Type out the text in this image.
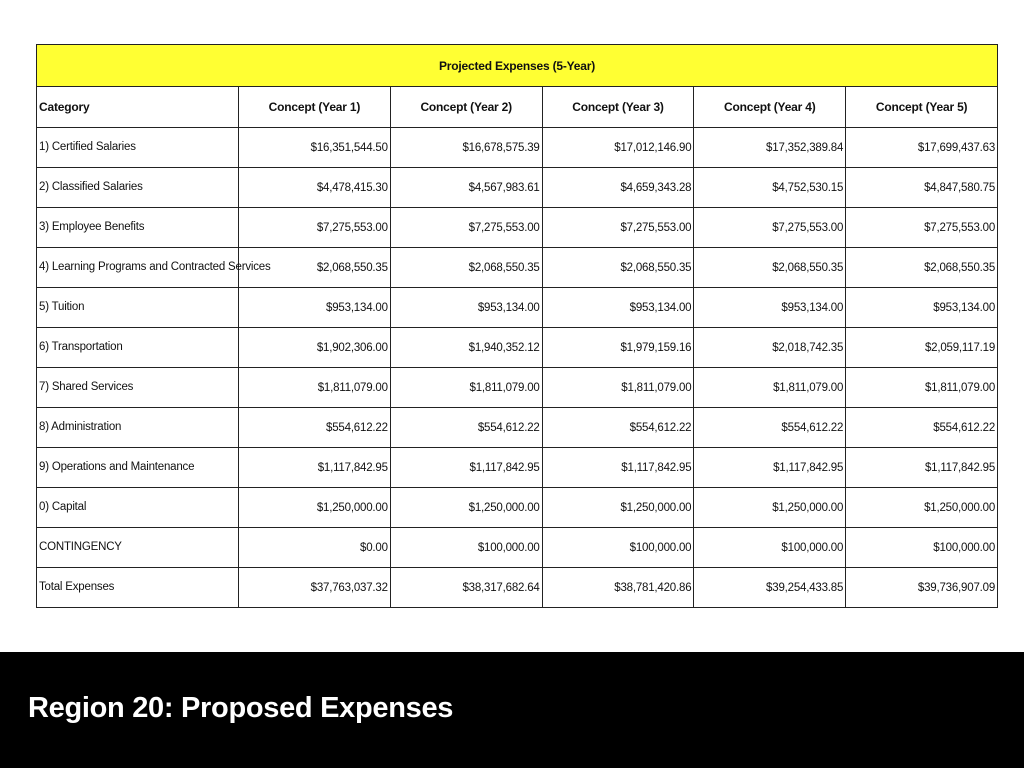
Projected Expenses (5-Year)					
Category	Concept (Year 1)	Concept (Year 2)	Concept (Year 3)	Concept (Year 4)	Concept (Year 5)
1) Certified Salaries	$16,351,544.50	$16,678,575.39	$17,012,146.90	$17,352,389.84	$17,699,437.63
2) Classified Salaries	$4,478,415.30	$4,567,983.61	$4,659,343.28	$4,752,530.15	$4,847,580.75
3) Employee Benefits	$7,275,553.00	$7,275,553.00	$7,275,553.00	$7,275,553.00	$7,275,553.00
4) Learning Programs and Contracted Services	$2,068,550.35	$2,068,550.35	$2,068,550.35	$2,068,550.35	$2,068,550.35
5) Tuition	$953,134.00	$953,134.00	$953,134.00	$953,134.00	$953,134.00
6) Transportation	$1,902,306.00	$1,940,352.12	$1,979,159.16	$2,018,742.35	$2,059,117.19
7) Shared Services	$1,811,079.00	$1,811,079.00	$1,811,079.00	$1,811,079.00	$1,811,079.00
8) Administration	$554,612.22	$554,612.22	$554,612.22	$554,612.22	$554,612.22
9) Operations and Maintenance	$1,117,842.95	$1,117,842.95	$1,117,842.95	$1,117,842.95	$1,117,842.95
0) Capital	$1,250,000.00	$1,250,000.00	$1,250,000.00	$1,250,000.00	$1,250,000.00
CONTINGENCY	$0.00	$100,000.00	$100,000.00	$100,000.00	$100,000.00
Total Expenses	$37,763,037.32	$38,317,682.64	$38,781,420.86	$39,254,433.85	$39,736,907.09
Region 20: Proposed Expenses
